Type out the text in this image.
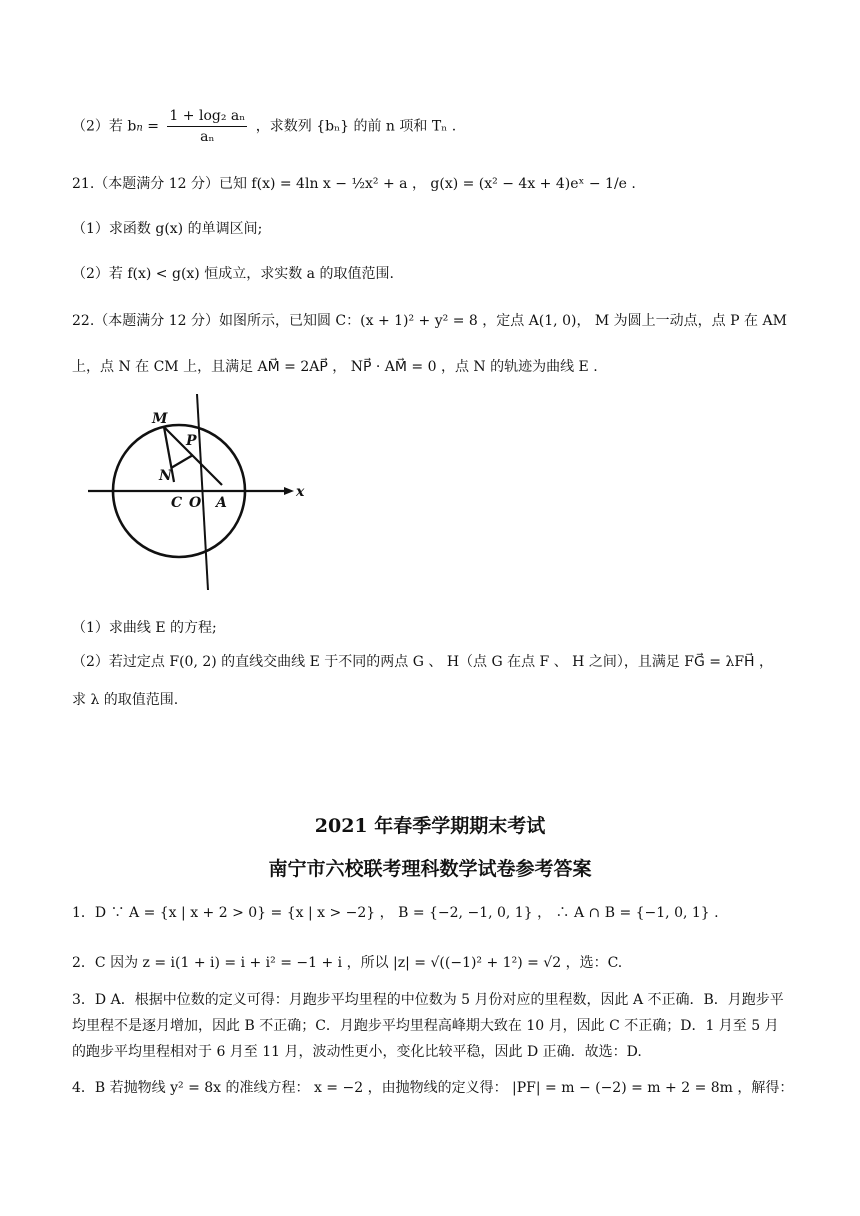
（2）若 bn = $\frac{\text{1 + log₂ aₙ}}{\text{aₙ}}$ ，求数列 {bₙ} 的前 n 项和 Tₙ .
21.（本题满分 12 分）已知 f(x) = 4ln x − ½x² + a ， g(x) = (x² − 4x + 4)eˣ − 1/e .
（1）求函数 g(x) 的单调区间;
（2）若 f(x) < g(x) 恒成立，求实数 a 的取值范围.
22.（本题满分 12 分）如图所示，已知圆 C：(x + 1)² + y² = 8 ，定点 A(1, 0)， M 为圆上一动点，点 P 在 AM
上，点 N 在 CM 上，且满足 AM⃗ = 2AP⃗ ， NP⃗ · AM⃗ = 0 ，点 N 的轨迹为曲线 E .
M
P
N
C O A
x
（1）求曲线 E 的方程;
（2）若过定点 F(0, 2) 的直线交曲线 E 于不同的两点 G 、 H（点 G 在点 F 、 H 之间），且满足 FG⃗ = λFH⃗ ，
求 λ 的取值范围.
2021 年春季学期期末考试
南宁市六校联考理科数学试卷参考答案
1．D ∵ A = {x | x + 2 > 0} = {x | x > −2} ， B = {−2, −1, 0, 1} ， ∴ A ∩ B = {−1, 0, 1} .
2．C 因为 z = i(1 + i) = i + i² = −1 + i ，所以 |z| = √((−1)² + 1²) = √2 ，选：C.
3．D A．根据中位数的定义可得：月跑步平均里程的中位数为 5 月份对应的里程数，因此 A 不正确．B．月跑步平均里程不是逐月增加，因此 B 不正确；C．月跑步平均里程高峰期大致在 10 月，因此 C 不正确；D．1 月至 5 月的跑步平均里程相对于 6 月至 11 月，波动性更小，变化比较平稳，因此 D 正确．故选：D.
4．B 若抛物线 y² = 8x 的准线方程： x = −2 ，由抛物线的定义得： |PF| = m − (−2) = m + 2 = 8m ，解得：
